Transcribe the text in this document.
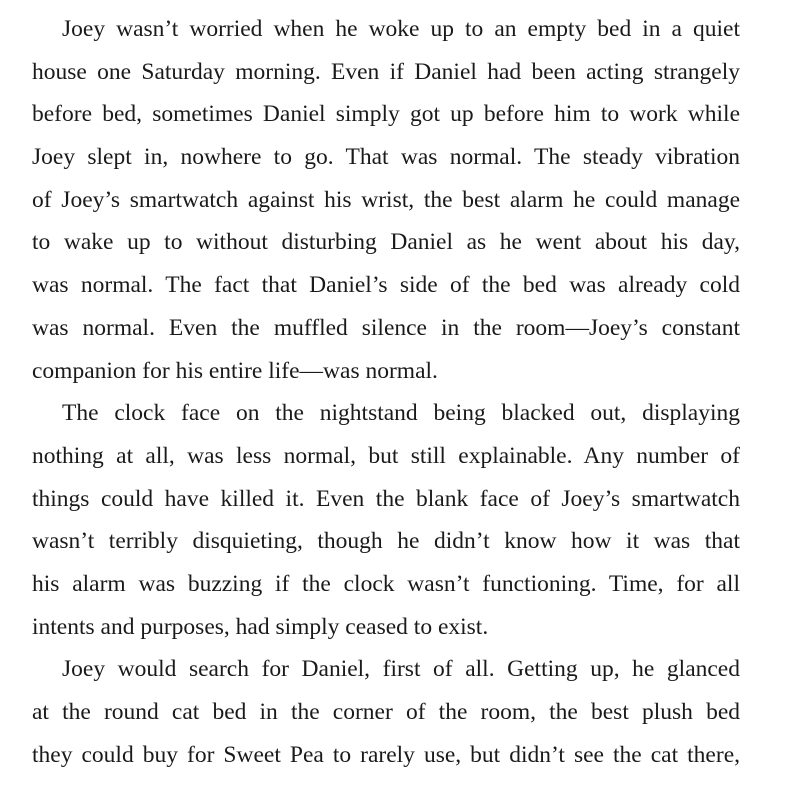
Joey wasn’t worried when he woke up to an empty bed in a quiet
house one Saturday morning. Even if Daniel had been acting strangely
before bed, sometimes Daniel simply got up before him to work while
Joey slept in, nowhere to go. That was normal. The steady vibration
of Joey’s smartwatch against his wrist, the best alarm he could manage
to wake up to without disturbing Daniel as he went about his day,
was normal. The fact that Daniel’s side of the bed was already cold
was normal. Even the muffled silence in the room—Joey’s constant
companion for his entire life—was normal.
The clock face on the nightstand being blacked out, displaying
nothing at all, was less normal, but still explainable. Any number of
things could have killed it. Even the blank face of Joey’s smartwatch
wasn’t terribly disquieting, though he didn’t know how it was that
his alarm was buzzing if the clock wasn’t functioning. Time, for all
intents and purposes, had simply ceased to exist.
Joey would search for Daniel, first of all. Getting up, he glanced
at the round cat bed in the corner of the room, the best plush bed
they could buy for Sweet Pea to rarely use, but didn’t see the cat there,
